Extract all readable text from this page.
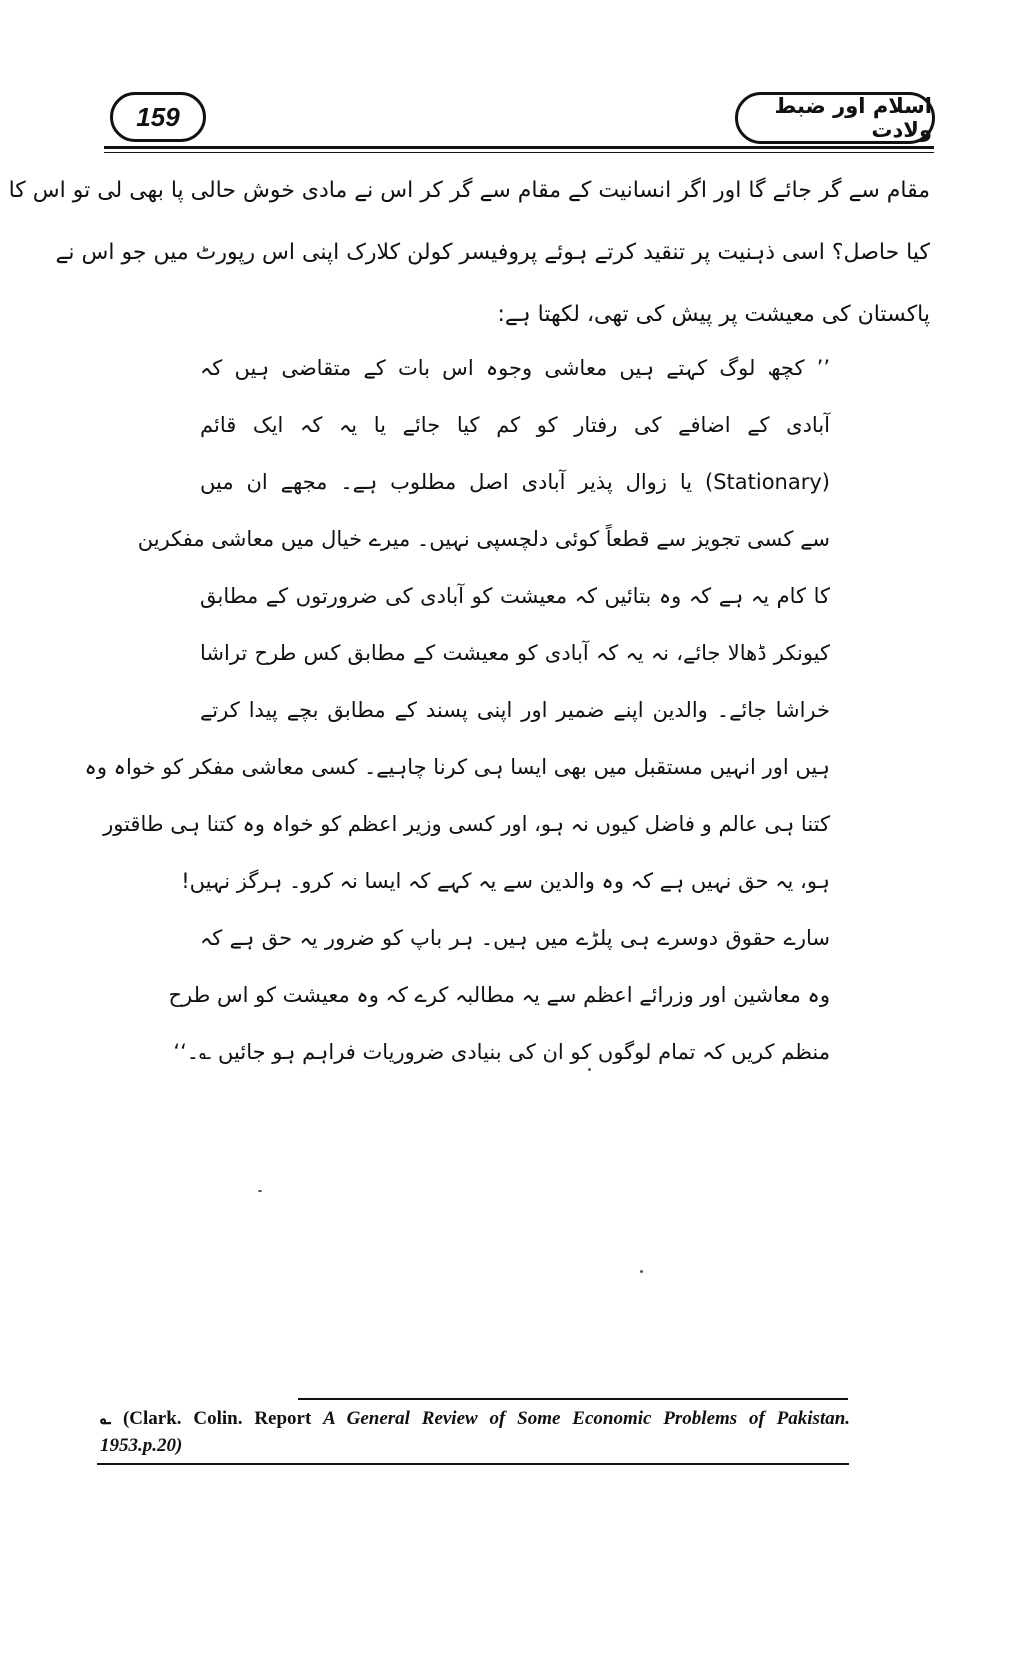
159	اسلام اور ضبط ولادت
مقام سے گر جائے گا اور اگر انسانیت کے مقام سے گر کر اس نے مادی خوش حالی پا بھی لی تو اس کا
کیا حاصل؟ اسی ذہنیت پر تنقید کرتے ہوئے پروفیسر کولن کلارک اپنی اس رپورٹ میں جو اس نے
پاکستان کی معیشت پر پیش کی تھی، لکھتا ہے:
’’ کچھ لوگ کہتے ہیں معاشی وجوہ اس بات کے متقاضی ہیں کہ
آبادی کے اضافے کی رفتار کو کم کیا جائے یا یہ کہ ایک قائم
(Stationary) یا زوال پذیر آبادی اصل مطلوب ہے۔ مجھے ان میں
سے کسی تجویز سے قطعاً کوئی دلچسپی نہیں۔ میرے خیال میں معاشی مفکرین
کا کام یہ ہے کہ وہ بتائیں کہ معیشت کو آبادی کی ضرورتوں کے مطابق
کیونکر ڈھالا جائے، نہ یہ کہ آبادی کو معیشت کے مطابق کس طرح تراشا
خراشا جائے۔ والدین اپنے ضمیر اور اپنی پسند کے مطابق بچے پیدا کرتے
ہیں اور انہیں مستقبل میں بھی ایسا ہی کرنا چاہیے۔ کسی معاشی مفکر کو خواہ وہ
کتنا ہی عالم و فاضل کیوں نہ ہو، اور کسی وزیر اعظم کو خواہ وہ کتنا ہی طاقتور
ہو، یہ حق نہیں ہے کہ وہ والدین سے یہ کہے کہ ایسا نہ کرو۔ ہرگز نہیں!
سارے حقوق دوسرے ہی پلڑے میں ہیں۔ ہر باپ کو ضرور یہ حق ہے کہ
وہ معاشین اور وزرائے اعظم سے یہ مطالبہ کرے کہ وہ معیشت کو اس طرح
منظم کریں کہ تمام لوگوں کو ان کی بنیادی ضروریات فراہم ہو جائیں ؎۔‘‘
؎ (Clark. Colin. Report A General Review of Some Economic Problems of Pakistan. 1953.p.20)
